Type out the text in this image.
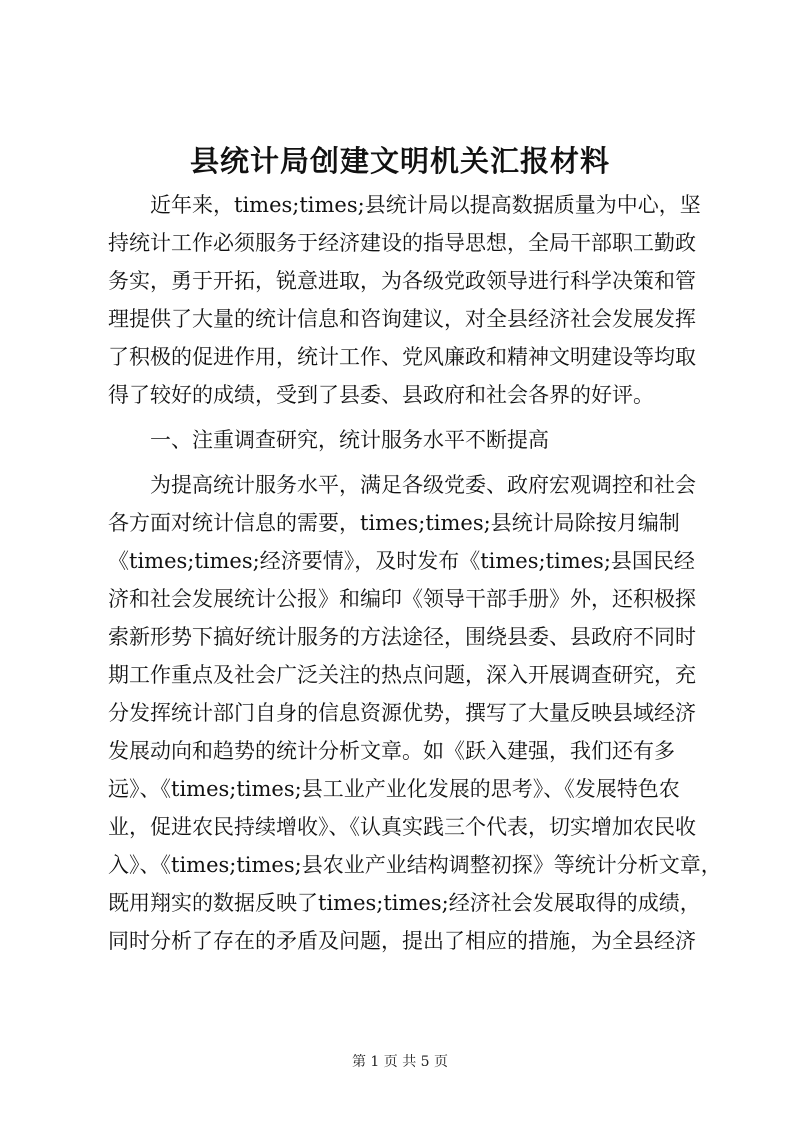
县统计局创建文明机关汇报材料
　　近年来，times;times;县统计局以提高数据质量为中心，坚
持统计工作必须服务于经济建设的指导思想，全局干部职工勤政
务实，勇于开拓，锐意进取，为各级党政领导进行科学决策和管
理提供了大量的统计信息和咨询建议，对全县经济社会发展发挥
了积极的促进作用，统计工作、党风廉政和精神文明建设等均取
得了较好的成绩，受到了县委、县政府和社会各界的好评。
　　一、注重调查研究，统计服务水平不断提高
　　为提高统计服务水平，满足各级党委、政府宏观调控和社会
各方面对统计信息的需要，times;times;县统计局除按月编制
《times;times;经济要情》，及时发布《times;times;县国民经
济和社会发展统计公报》和编印《领导干部手册》外，还积极探
索新形势下搞好统计服务的方法途径，围绕县委、县政府不同时
期工作重点及社会广泛关注的热点问题，深入开展调查研究，充
分发挥统计部门自身的信息资源优势，撰写了大量反映县域经济
发展动向和趋势的统计分析文章。如《跃入建强，我们还有多
远》、《times;times;县工业产业化发展的思考》、《发展特色农
业，促进农民持续增收》、《认真实践三个代表，切实增加农民收
入》、《times;times;县农业产业结构调整初探》等统计分析文章，
既用翔实的数据反映了times;times;经济社会发展取得的成绩，
同时分析了存在的矛盾及问题，提出了相应的措施，为全县经济
第 1 页 共 5 页
